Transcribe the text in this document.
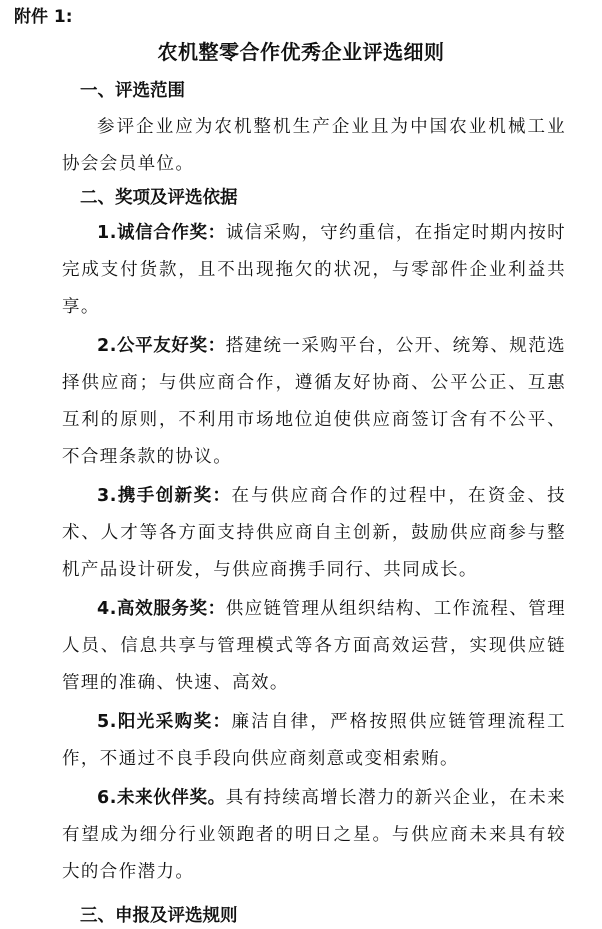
附件 1:
农机整零合作优秀企业评选细则
一、评选范围

参评企业应为农机整机生产企业且为中国农业机械工业协会会员单位。

二、奖项及评选依据

1.诚信合作奖：诚信采购，守约重信，在指定时期内按时完成支付货款，且不出现拖欠的状况，与零部件企业利益共享。

2.公平友好奖：搭建统一采购平台，公开、统筹、规范选择供应商；与供应商合作，遵循友好协商、公平公正、互惠互利的原则，不利用市场地位迫使供应商签订含有不公平、不合理条款的协议。

3.携手创新奖：在与供应商合作的过程中，在资金、技术、人才等各方面支持供应商自主创新，鼓励供应商参与整机产品设计研发，与供应商携手同行、共同成长。

4.高效服务奖：供应链管理从组织结构、工作流程、管理人员、信息共享与管理模式等各方面高效运营，实现供应链管理的准确、快速、高效。

5.阳光采购奖：廉洁自律，严格按照供应链管理流程工作，不通过不良手段向供应商刻意或变相索贿。

6.未来伙伴奖。具有持续高增长潜力的新兴企业，在未来有望成为细分行业领跑者的明日之星。与供应商未来具有较大的合作潜力。

三、申报及评选规则
